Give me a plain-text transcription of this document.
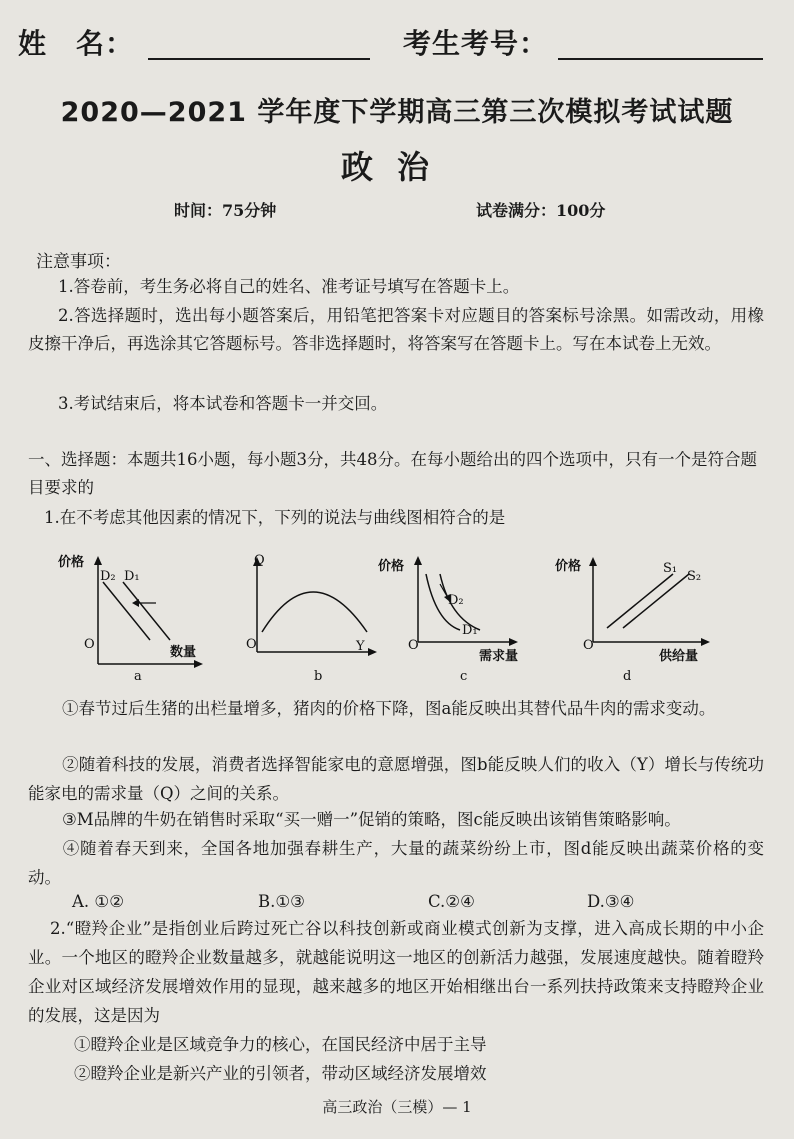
姓　名：	考生考号：
2020—2021 学年度下学期高三第三次模拟考试试题
政治
时间：75分钟	试卷满分：100分
注意事项：
1.答卷前，考生务必将自己的姓名、准考证号填写在答题卡上。
2.答选择题时，选出每小题答案后，用铅笔把答案卡对应题目的答案标号涂黑。如需改动，用橡皮擦干净后，再选涂其它答题标号。答非选择题时，将答案写在答题卡上。写在本试卷上无效。
3.考试结束后，将本试卷和答题卡一并交回。
一、选择题：本题共16小题，每小题3分，共48分。在每小题给出的四个选项中，只有一个是符合题目要求的
1.在不考虑其他因素的情况下，下列的说法与曲线图相符合的是
价格
D₂ D₁
O
数量
a
Q
O	Y
b
价格
D₂
D₁
O
需求量
c
价格	S₁
S₂
O
供给量
d
①春节过后生猪的出栏量增多，猪肉的价格下降，图a能反映出其替代品牛肉的需求变动。
②随着科技的发展，消费者选择智能家电的意愿增强，图b能反映人们的收入（Y）增长与传统功能家电的需求量（Q）之间的关系。
③M品牌的牛奶在销售时采取“买一赠一”促销的策略，图c能反映出该销售策略影响。
④随着春天到来，全国各地加强春耕生产，大量的蔬菜纷纷上市，图d能反映出蔬菜价格的变动。
A. ①②	B.①③	C.②④	D.③④
2.“瞪羚企业”是指创业后跨过死亡谷以科技创新或商业模式创新为支撑，进入高成长期的中小企业。一个地区的瞪羚企业数量越多，就越能说明这一地区的创新活力越强，发展速度越快。随着瞪羚企业对区域经济发展增效作用的显现，越来越多的地区开始相继出台一系列扶持政策来支持瞪羚企业的发展，这是因为
①瞪羚企业是区域竞争力的核心，在国民经济中居于主导
②瞪羚企业是新兴产业的引领者，带动区域经济发展增效
高三政治（三模）— 1
